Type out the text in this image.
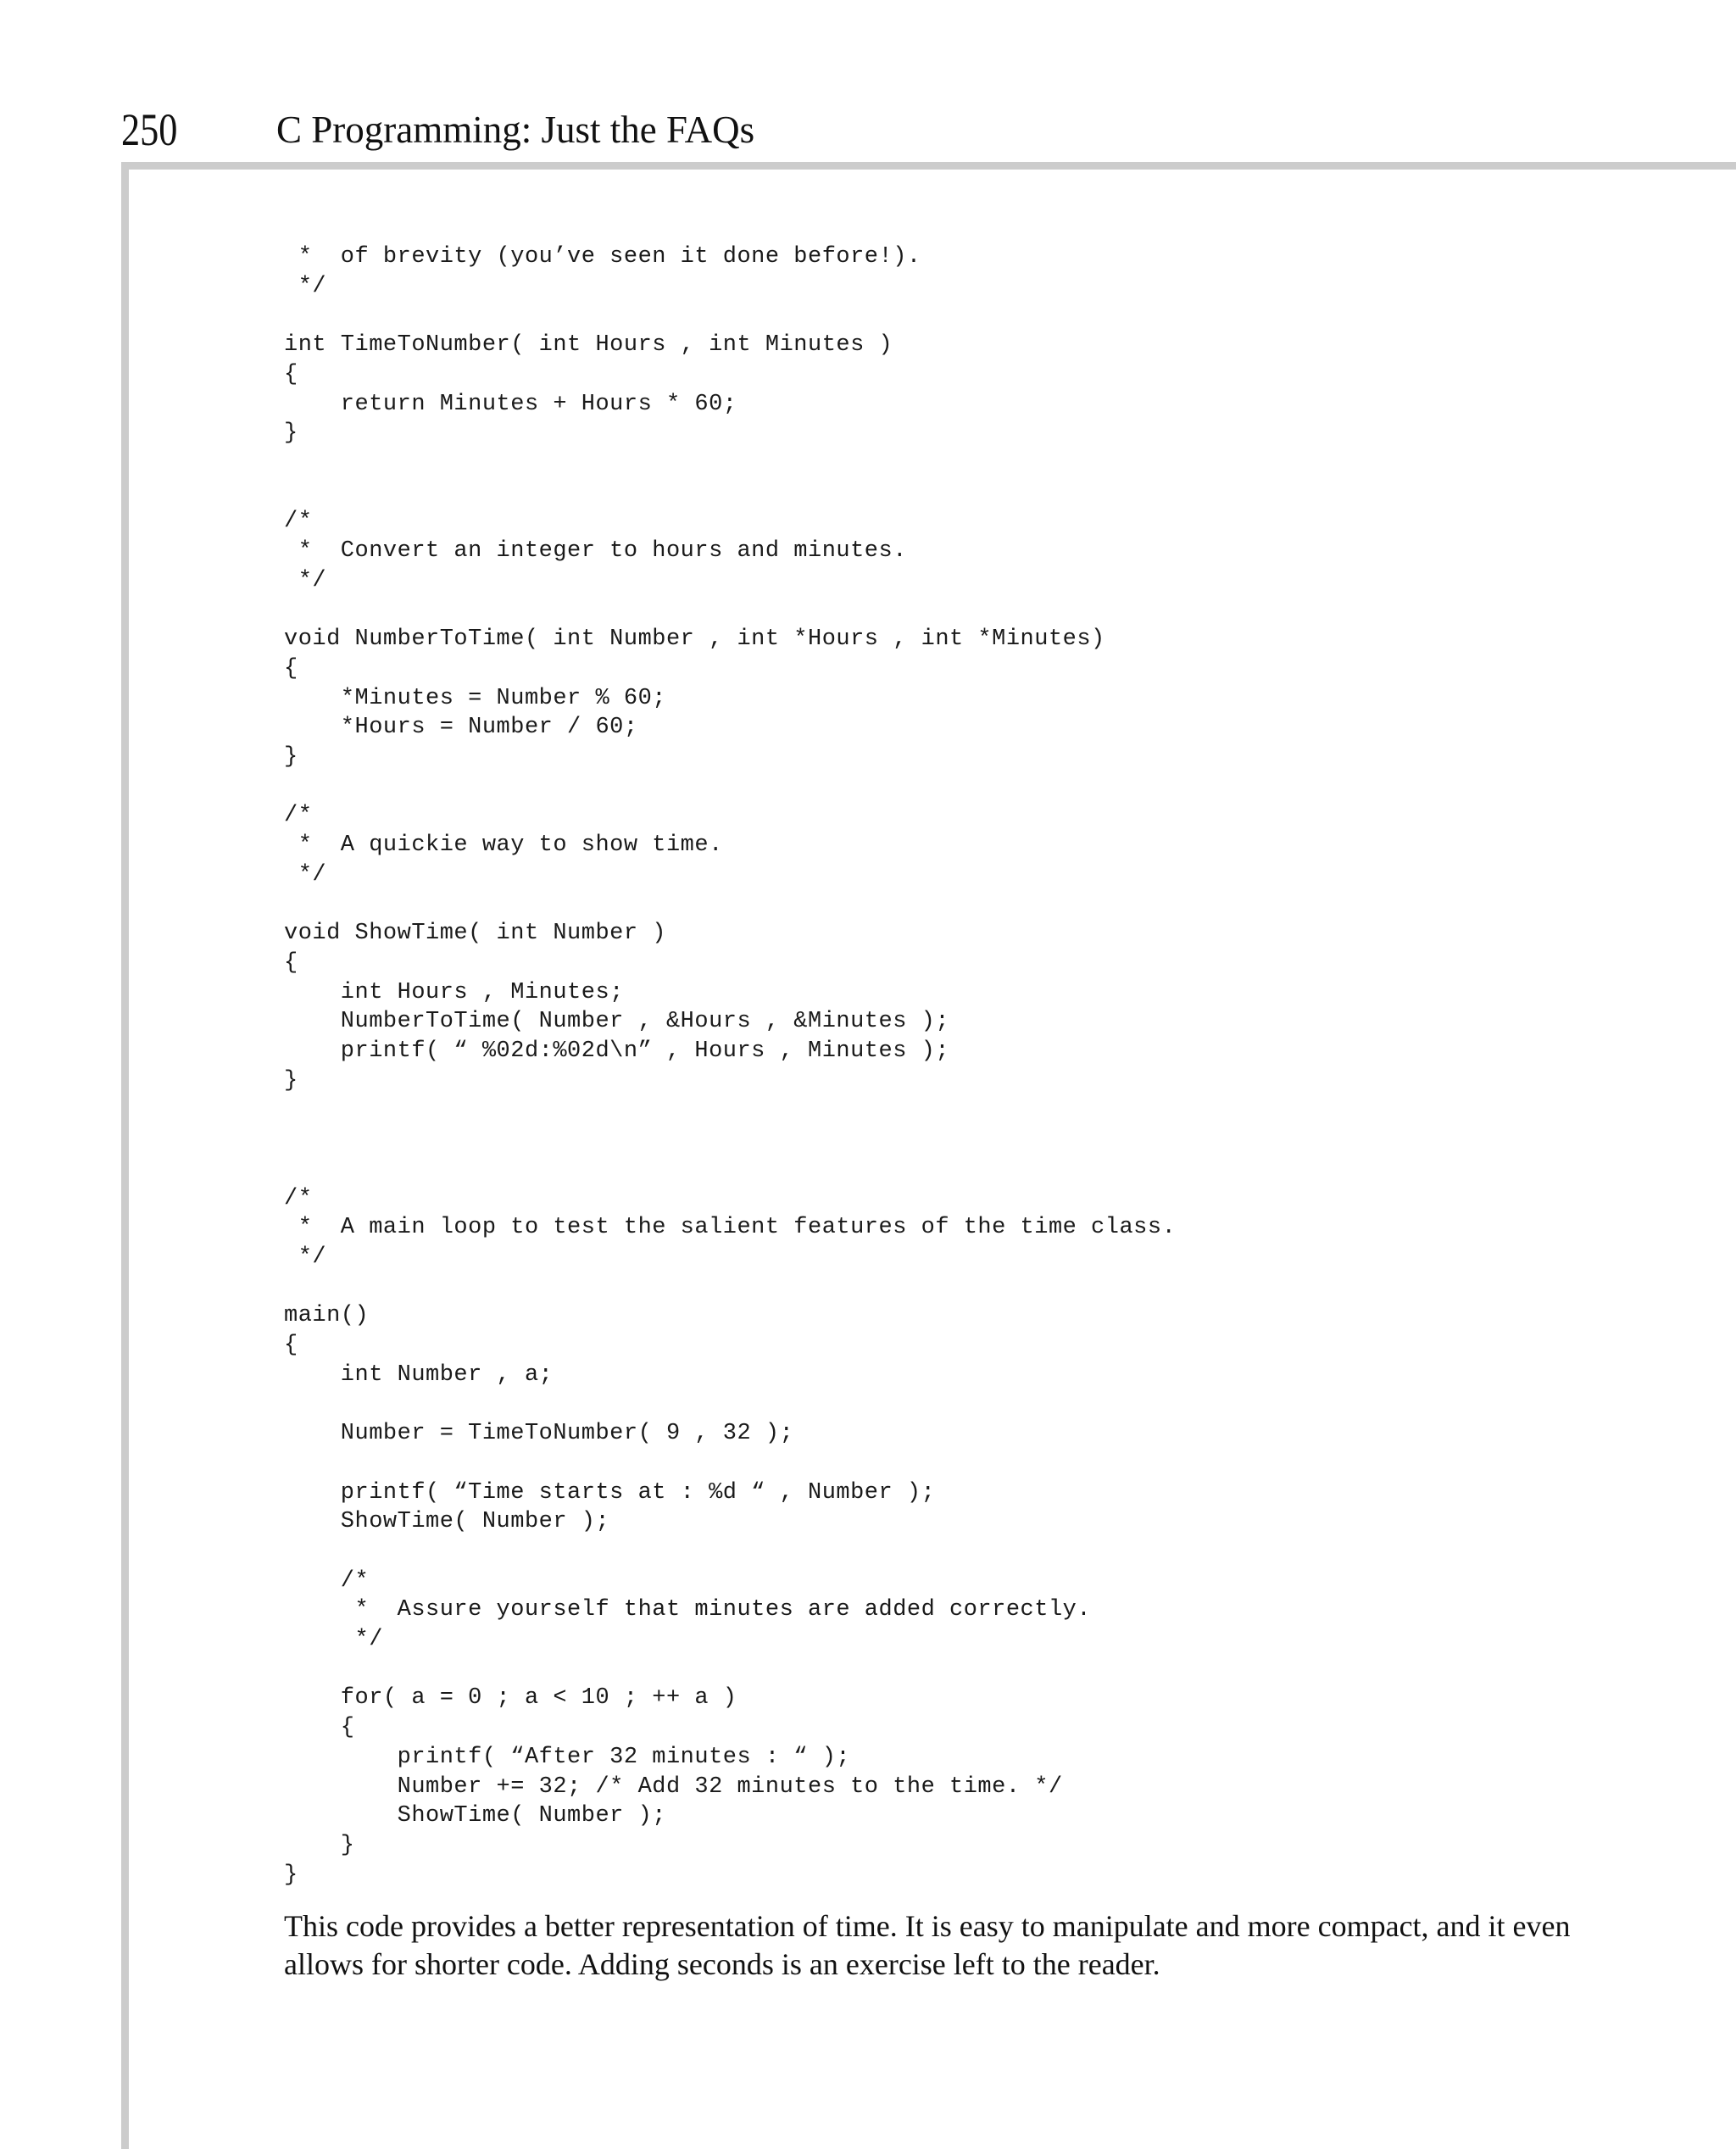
250	C Programming: Just the FAQs
*  of brevity (you’ve seen it done before!).
*/

int TimeToNumber( int Hours , int Minutes )
{
return Minutes + Hours * 60;
}

/*
*  Convert an integer to hours and minutes.
*/

void NumberToTime( int Number , int *Hours , int *Minutes)
{
*Minutes = Number % 60;
*Hours = Number / 60;
}

/*
*  A quickie way to show time.
*/

void ShowTime( int Number )
{
int Hours , Minutes;
NumberToTime( Number , &Hours , &Minutes );
printf( “ %02d:%02d\n” , Hours , Minutes );
}

/*
*  A main loop to test the salient features of the time class.
*/

main()
{
int Number , a;

Number = TimeToNumber( 9 , 32 );

printf( “Time starts at : %d “ , Number );
ShowTime( Number );

/*
*  Assure yourself that minutes are added correctly.
*/

for( a = 0 ; a < 10 ; ++ a )
{
printf( “After 32 minutes : “ );
Number += 32; /* Add 32 minutes to the time. */
ShowTime( Number );
}
}

This code provides a better representation of time. It is easy to manipulate and more compact, and it even allows for shorter code. Adding seconds is an exercise left to the reader.
